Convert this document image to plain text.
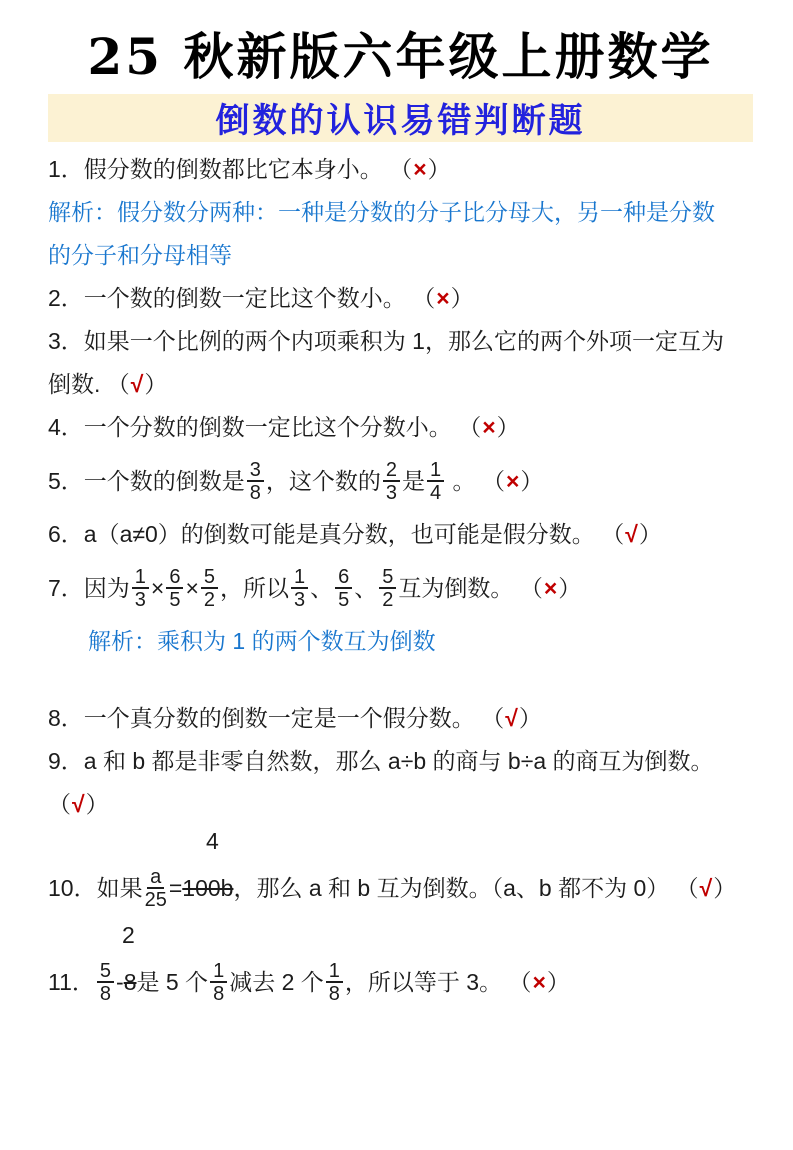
25 秋新版六年级上册数学
倒数的认识易错判断题
1．假分数的倒数都比它本身小。 （ × ）
解析：假分数分两种：一种是分数的分子比分母大，另一种是分数
的分子和分母相等
2．一个数的倒数一定比这个数小。 （ × ）
3．如果一个比例的两个内项乘积为 1，那么它的两个外项一定互为
倒数. （ √ ）
4．一个分数的倒数一定比这个分数小。 （ × ）
5．一个数的倒数是 $\frac{3}{8}$ ，这个数的 $\frac{2}{3}$ 是 $\frac{1}{4}$ 。 （ × ）
6．a（a≠0）的倒数可能是真分数，也可能是假分数。 （ √ ）
7．因为 $\frac{1}{3} \times \frac{6}{5} \times \frac{5}{2}$ ，所以 $\frac{1}{3}$ 、 $\frac{6}{5}$ 、 $\frac{5}{2}$ 互为倒数。 （ × ）
解析：乘积为 1 的两个数互为倒数
8．一个真分数的倒数一定是一个假分数。 （ √ ）
9．a 和 b 都是非零自然数，那么 a÷b 的商与 b÷a 的商互为倒数。
（ √ ）
4
10．如果 $\frac{a}{25} = 100b$ ，那么 a 和 b 互为倒数。（a、b 都不为 0） （ √ ）
2
11． $\frac{5}{8} - 8$ 是 5 个 $\frac{1}{8}$ 减去 2 个 $\frac{1}{8}$ ，所以等于 3。 （ × ）
